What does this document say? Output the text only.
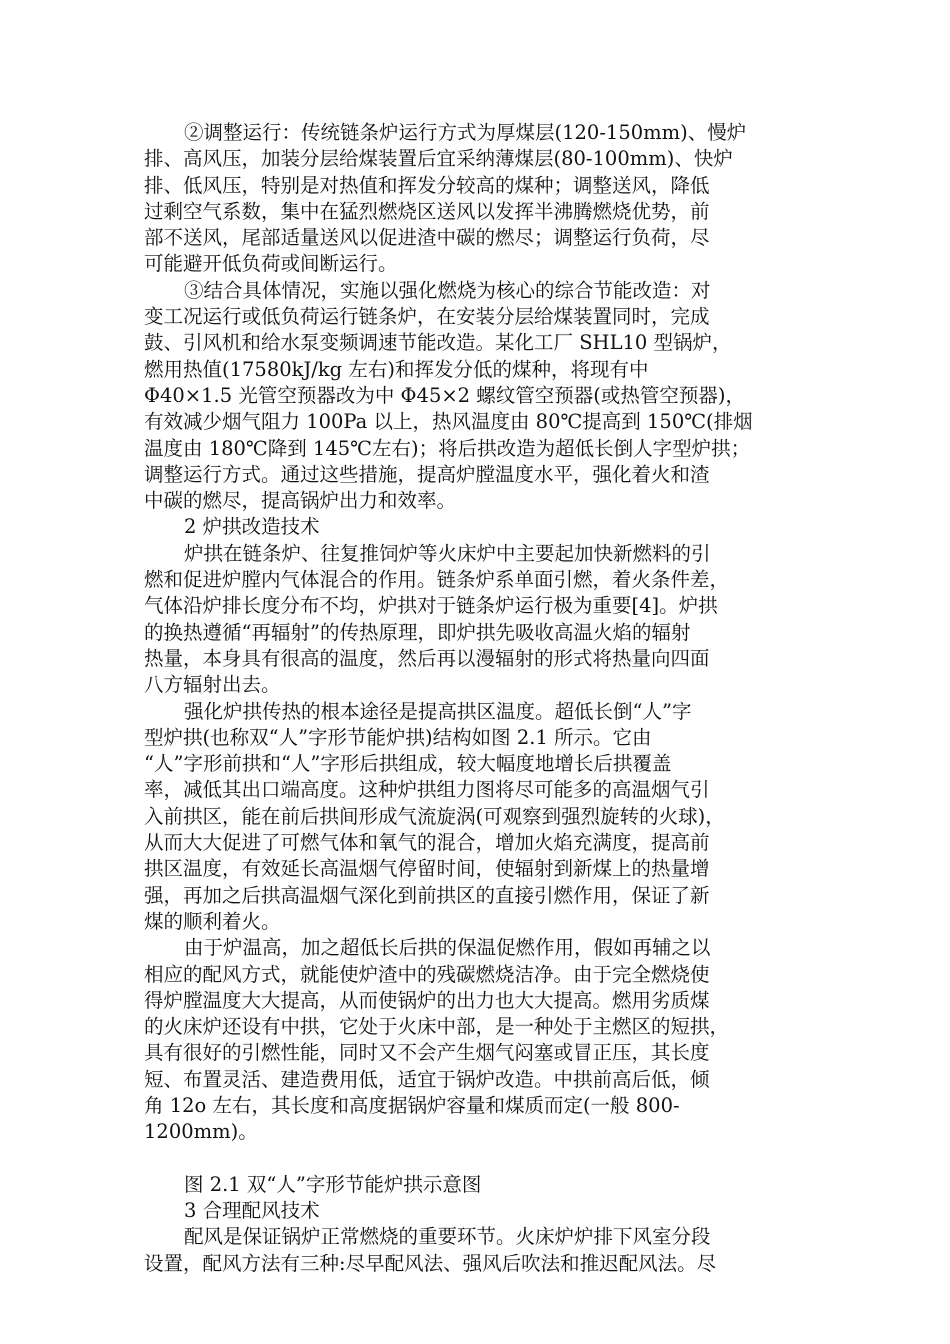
②调整运行：传统链条炉运行方式为厚煤层(120-150mm)、慢炉
排、高风压，加装分层给煤装置后宜采纳薄煤层(80-100mm)、快炉
排、低风压，特别是对热值和挥发分较高的煤种；调整送风，降低
过剩空气系数，集中在猛烈燃烧区送风以发挥半沸腾燃烧优势，前
部不送风，尾部适量送风以促进渣中碳的燃尽；调整运行负荷，尽
可能避开低负荷或间断运行。
③结合具体情况，实施以强化燃烧为核心的综合节能改造：对
变工况运行或低负荷运行链条炉，在安装分层给煤装置同时，完成
鼓、引风机和给水泵变频调速节能改造。某化工厂 SHL10 型锅炉，
燃用热值(17580kJ/kg 左右)和挥发分低的煤种，将现有中
Φ40×1.5 光管空预器改为中 Φ45×2 螺纹管空预器(或热管空预器)，
有效减少烟气阻力 100Pa 以上，热风温度由 80℃提高到 150℃(排烟
温度由 180℃降到 145℃左右)；将后拱改造为超低长倒人字型炉拱；
调整运行方式。通过这些措施，提高炉膛温度水平，强化着火和渣
中碳的燃尽，提高锅炉出力和效率。
2 炉拱改造技术
炉拱在链条炉、往复推饲炉等火床炉中主要起加快新燃料的引
燃和促进炉膛内气体混合的作用。链条炉系单面引燃，着火条件差，
气体沿炉排长度分布不均，炉拱对于链条炉运行极为重要[4]。炉拱
的换热遵循“再辐射”的传热原理，即炉拱先吸收高温火焰的辐射
热量，本身具有很高的温度，然后再以漫辐射的形式将热量向四面
八方辐射出去。
强化炉拱传热的根本途径是提高拱区温度。超低长倒“人”字
型炉拱(也称双“人”字形节能炉拱)结构如图 2.1 所示。它由
“人”字形前拱和“人”字形后拱组成，较大幅度地增长后拱覆盖
率，减低其出口端高度。这种炉拱组力图将尽可能多的高温烟气引
入前拱区，能在前后拱间形成气流旋涡(可观察到强烈旋转的火球)，
从而大大促进了可燃气体和氧气的混合，增加火焰充满度，提高前
拱区温度，有效延长高温烟气停留时间，使辐射到新煤上的热量增
强，再加之后拱高温烟气深化到前拱区的直接引燃作用，保证了新
煤的顺利着火。
由于炉温高，加之超低长后拱的保温促燃作用，假如再辅之以
相应的配风方式，就能使炉渣中的残碳燃烧洁净。由于完全燃烧使
得炉膛温度大大提高，从而使锅炉的出力也大大提高。燃用劣质煤
的火床炉还设有中拱，它处于火床中部，是一种处于主燃区的短拱，
具有很好的引燃性能，同时又不会产生烟气闷塞或冒正压，其长度
短、布置灵活、建造费用低，适宜于锅炉改造。中拱前高后低，倾
角 12o 左右，其长度和高度据锅炉容量和煤质而定(一般 800-
1200mm)。
图 2.1 双“人”字形节能炉拱示意图
3 合理配风技术
配风是保证锅炉正常燃烧的重要环节。火床炉炉排下风室分段
设置，配风方法有三种:尽早配风法、强风后吹法和推迟配风法。尽
